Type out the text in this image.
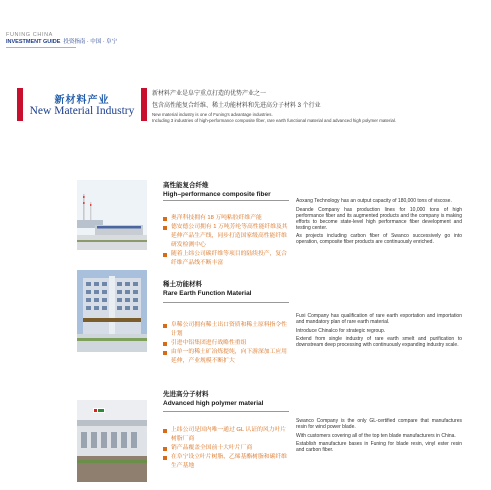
FUNING CHINA
INVESTMENT GUIDE 投资指南 · 中国 · 阜宁
新材料产业
New Material Industry
新材料产业是阜宁重点打造的优势产业之一
包含高性能复合纤维、稀土功能材料和先进高分子材料 3 个行业
New material industry is one of Funing's advantage industries.
Including 3 industries of high-performance composite fiber, rare earth functional material and advanced high polymer material.
高性能复合纤维
High–performance composite fiber
奥洋科技拥有 18 万吨粘胶纤维产能
德安德公司拥有 1 万吨芳纶等高性能纤维及其延伸产品生产线，同步打造国家级高性能纤维研发检测中心
随着上纬公司碳纤维等项目的陆续投产，复合纤维产品线不断丰富

Aoxang Technology has an output capacity of 180,000 tons of viscose.

Deande Company has production lines for 10,000 tons of high performance fiber and its augmented products and the company is making efforts to become state-level high performance fiber development and testing center.

As projects including carbon fiber of Swanco successively go into operation, composite fiber products are continuously enriched.

稀土功能材料
Rare Earth Function Material
阜稀公司拥有稀土出口资质和稀土原料指令性计划
引进中铝集团进行战略性重组
由单一的稀土矿冶炼提纯，向下游深加工应用延伸，产业规模不断扩大

Fuxi Company has qualification of rare earth exportation and importation and mandatory plan of rare earth material.

Introduce Chinalco for strategic regroup.

Extend from single industry of rare earth smelt and purification to downstream deep processing with continuously expanding industry scale.

先进高分子材料
Advanced high polymer material
上纬公司是国内唯一通过 GL 认证的风力叶片树脂厂商
销产品覆盖全国前十大叶片厂商
在阜宁设立叶片树脂、乙烯基酯树脂和碳纤维生产基地

Swanco Company is the only GL-certified compare that manufactures resin for wind power blade.

With customers covering all of the top ten blade manufacturers in China.

Establish manufacture bases in Funing for blade resin, vinyl ester resin and carbon fiber.
